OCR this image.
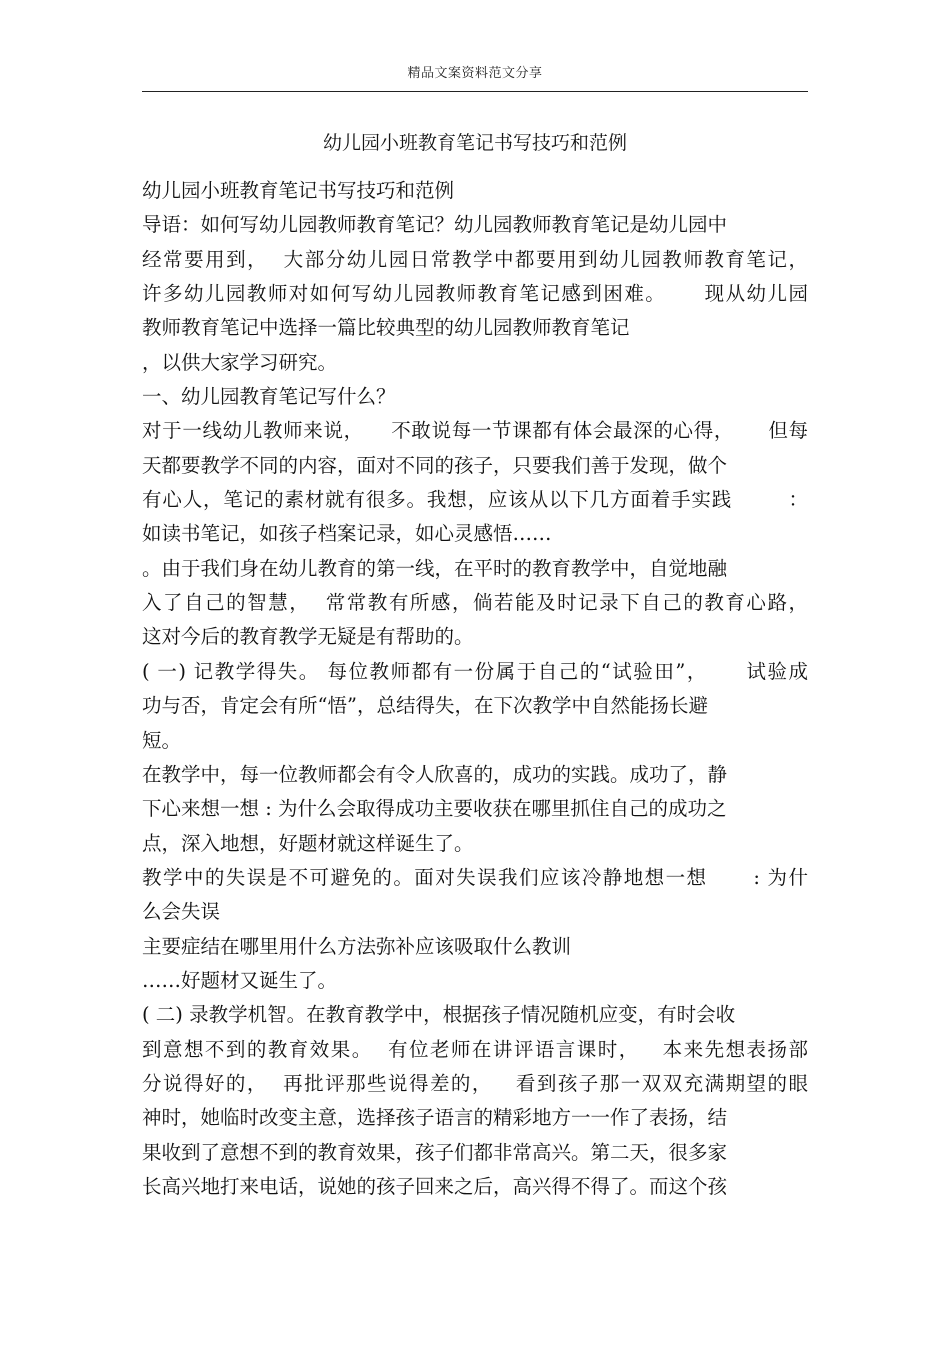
精品文案资料范文分享
幼儿园小班教育笔记书写技巧和范例
幼儿园小班教育笔记书写技巧和范例
导语：如何写幼儿园教师教育笔记？幼儿园教师教育笔记是幼儿园中
经常要用到，  大部分幼儿园日常教学中都要用到幼儿园教师教育笔记，
许多幼儿园教师对如何写幼儿园教师教育笔记感到困难。     现从幼儿园
教师教育笔记中选择一篇比较典型的幼儿园教师教育笔记
，以供大家学习研究。
一、幼儿园教育笔记写什么？
对于一线幼儿教师来说，    不敢说每一节课都有体会最深的心得，     但每
天都要教学不同的内容，面对不同的孩子，只要我们善于发现，做个
有心人，笔记的素材就有很多。我想，应该从以下几方面着手实践        ：
如读书笔记，如孩子档案记录，如心灵感悟……
。由于我们身在幼儿教育的第一线，在平时的教育教学中，自觉地融
入了自己的智慧，  常常教有所感，倘若能及时记录下自己的教育心路，
这对今后的教育教学无疑是有帮助的。
( 一) 记教学得失。 每位教师都有一份属于自己的“试验田”，     试验成
功与否，肯定会有所“悟”，总结得失，在下次教学中自然能扬长避
短。
在教学中，每一位教师都会有令人欣喜的，成功的实践。成功了，静
下心来想一想 : 为什么会取得成功主要收获在哪里抓住自己的成功之
点，深入地想，好题材就这样诞生了。
教学中的失误是不可避免的。面对失误我们应该冷静地想一想      : 为什
么会失误
主要症结在哪里用什么方法弥补应该吸取什么教训
……好题材又诞生了。
( 二) 录教学机智。在教育教学中，根据孩子情况随机应变，有时会收
到意想不到的教育效果。  有位老师在讲评语言课时，   本来先想表扬部
分说得好的，  再批评那些说得差的，   看到孩子那一双双充满期望的眼
神时，她临时改变主意，选择孩子语言的精彩地方一一作了表扬，结
果收到了意想不到的教育效果，孩子们都非常高兴。第二天，很多家
长高兴地打来电话，说她的孩子回来之后，高兴得不得了。而这个孩
